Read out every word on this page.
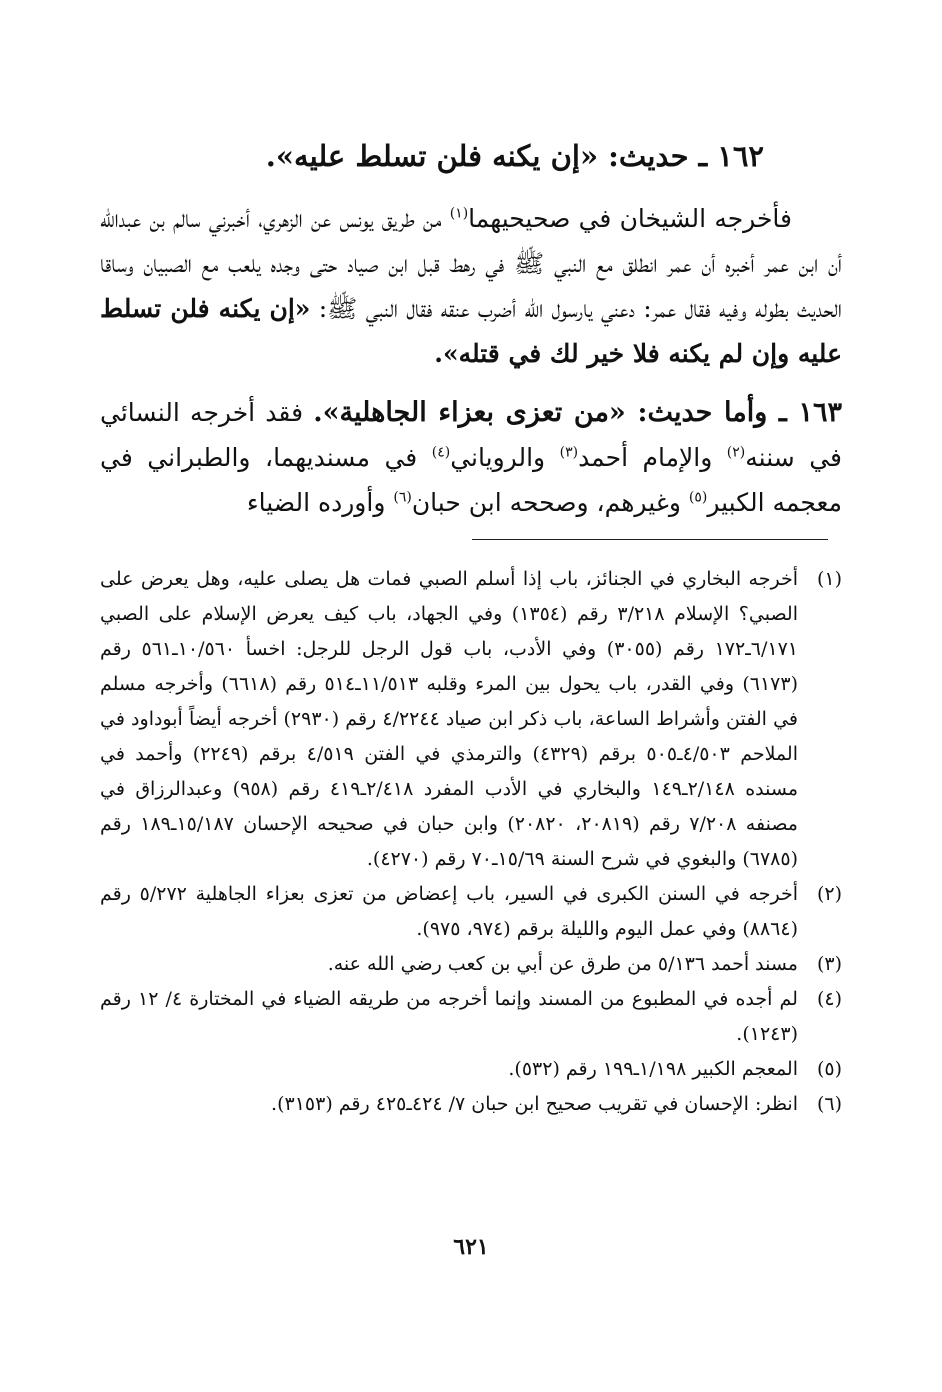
١٦٢ ـ حديث: «إن يكنه فلن تسلط عليه».

فأخرجه الشيخان في صحيحيهما$^{(١)}$ من طريق يونس عن الزهري، أخبرني سالم بن عبدالله أن ابن عمر أخبره أن عمر انطلق مع النبي ﷺ في رهط قبل ابن صياد حتى وجده يلعب مع الصبيان وساقا الحديث بطوله وفيه فقال عمر: دعني يارسول الله أضرب عنقه فقال النبي ﷺ: «إن يكنه فلن تسلط عليه وإن لم يكنه فلا خير لك في قتله».

١٦٣ ـ وأما حديث: «من تعزى بعزاء الجاهلية». فقد أخرجه النسائي في سننه$^{(٢)}$ والإمام أحمد$^{(٣)}$ والروياني$^{(٤)}$ في مسنديهما، والطبراني في معجمه الكبير$^{(٥)}$ وغيرهم، وصححه ابن حبان$^{(٦)}$ وأورده الضياء

(١)
أخرجه البخاري في الجنائز، باب إذا أسلم الصبي فمات هل يصلى عليه، وهل يعرض على الصبي؟ الإسلام ٣/٢١٨ رقم (١٣٥٤) وفي الجهاد، باب كيف يعرض الإسلام على الصبي ٦/١٧١ـ١٧٢ رقم (٣٠٥٥) وفي الأدب، باب قول الرجل للرجل: اخسأ ١٠/٥٦٠ـ٥٦١ رقم (٦١٧٣) وفي القدر، باب يحول بين المرء وقلبه ١١/٥١٣ـ٥١٤ رقم (٦٦١٨) وأخرجه مسلم في الفتن وأشراط الساعة، باب ذكر ابن صياد ٤/٢٢٤٤ رقم (٢٩٣٠) أخرجه أيضاً أبوداود في الملاحم ٤/٥٠٣ـ٥٠٥ برقم (٤٣٢٩) والترمذي في الفتن ٤/٥١٩ برقم (٢٢٤٩) وأحمد في مسنده ٢/١٤٨ـ١٤٩ والبخاري في الأدب المفرد ٢/٤١٨ـ٤١٩ رقم (٩٥٨) وعبدالرزاق في مصنفه ٧/٢٠٨ رقم (٢٠٨١٩، ٢٠٨٢٠) وابن حبان في صحيحه الإحسان ١٥/١٨٧ـ١٨٩ رقم (٦٧٨٥) والبغوي في شرح السنة ١٥/٦٩ـ٧٠ رقم (٤٢٧٠).
(٢)
أخرجه في السنن الكبرى في السير، باب إعضاض من تعزى بعزاء الجاهلية ٥/٢٧٢ رقم (٨٨٦٤) وفي عمل اليوم والليلة برقم (٩٧٤، ٩٧٥).
(٣)
مسند أحمد ٥/١٣٦ من طرق عن أبي بن كعب رضي الله عنه.
(٤)
لم أجده في المطبوع من المسند وإنما أخرجه من طريقه الضياء في المختارة ٤/ ١٢ رقم (١٢٤٣).
(٥)
المعجم الكبير ١/١٩٨ـ١٩٩ رقم (٥٣٢).
(٦)
انظر: الإحسان في تقريب صحيح ابن حبان ٧/ ٤٢٤ـ٤٢٥ رقم (٣١٥٣).
٦٢١
